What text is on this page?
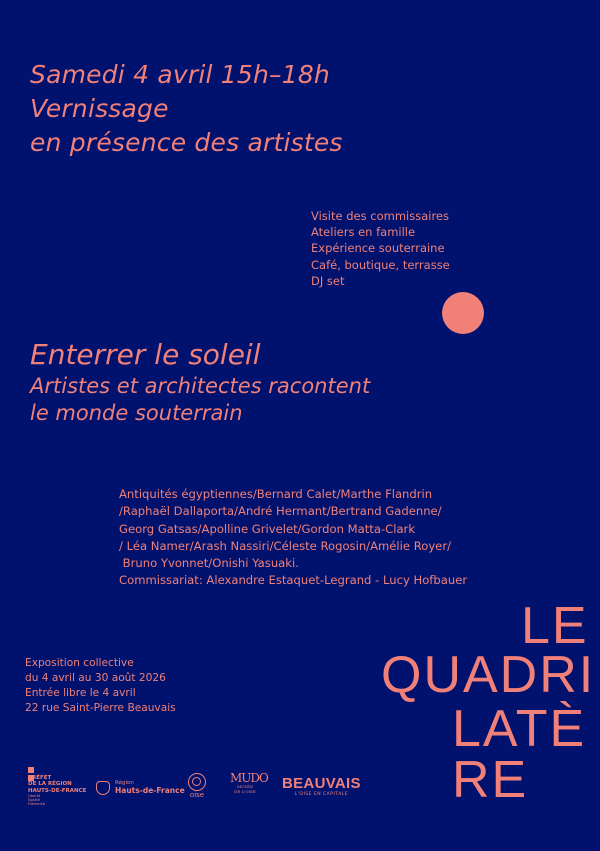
Samedi 4 avril 15h–18h
Vernissage
en présence des artistes
Visite des commissaires
Ateliers en famille
Expérience souterraine
Café, boutique, terrasse
DJ set
Enterrer le soleil
Artistes et architectes racontent
le monde souterrain
Antiquités égyptiennes/Bernard Calet/Marthe Flandrin
/Raphaël Dallaporta/André Hermant/Bertrand Gadenne/
Georg Gatsas/Apolline Grivelet/Gordon Matta-Clark
/ Léa Namer/Arash Nassiri/Céleste Rogosin/Amélie Royer/
Bruno Yvonnet/Onishi Yasuaki.
Commissariat: Alexandre Estaquet-Legrand - Lucy Hofbauer
Exposition collective
du 4 avril au 30 août 2026
Entrée libre le 4 avril
22 rue Saint-Pierre Beauvais
LE
QUADRI
LATÈ
RE
PRÉFET
DE LA RÉGION
HAUTS-DE-FRANCE
Liberté
Égalité
Fraternité
Région
Hauts-de-France oise
MUDO
MUSÉE
DE L'OISE BEAUVAIS
L'OISE EN CAPITALE
